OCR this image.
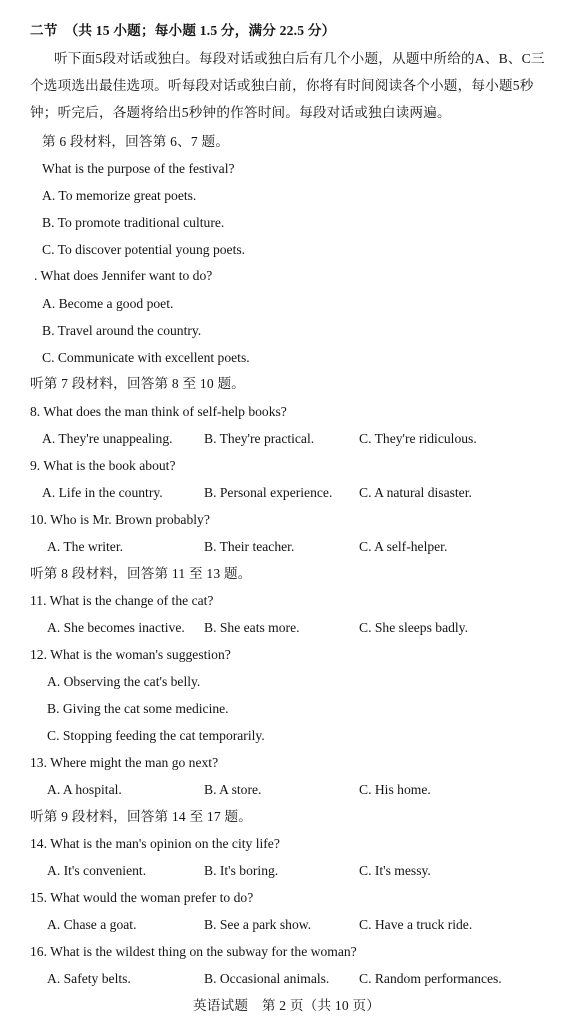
二节　（共 15 小题；每小题 1.5 分，满分 22.5 分）
听下面5段对话或独白。每段对话或独白后有几个小题，从题中所给的A、B、C三个选项选出最佳选项。听每段对话或独白前，你将有时间阅读各个小题，每小题5秒钟；听完后，各题将给出5秒钟的作答时间。每段对话或独白读两遍。
第 6 段材料，回答第 6、7 题。
What is the purpose of the festival?
A. To memorize great poets.
B. To promote traditional culture.
C. To discover potential young poets.
. What does Jennifer want to do?
A. Become a good poet.
B. Travel around the country.
C. Communicate with excellent poets.
听第 7 段材料，回答第 8 至 10 题。
8. What does the man think of self-help books?
A. They're unappealing. B. They're practical.	C. They're ridiculous.
9. What is the book about?
A. Life in the country.	B. Personal experience. C. A natural disaster.
10. Who is Mr. Brown probably?
A. The writer.	B. Their teacher.	C. A self-helper.
听第 8 段材料，回答第 11 至 13 题。
11. What is the change of the cat?
A. She becomes inactive. B. She eats more.	C. She sleeps badly.
12. What is the woman's suggestion?
A. Observing the cat's belly.
B. Giving the cat some medicine.
C. Stopping feeding the cat temporarily.
13. Where might the man go next?
A. A hospital.	B. A store.	C. His home.
听第 9 段材料，回答第 14 至 17 题。
14. What is the man's opinion on the city life?
A. It's convenient.	B. It's boring.	C. It's messy.
15. What would the woman prefer to do?
A. Chase a goat.	B. See a park show.	C. Have a truck ride.
16. What is the wildest thing on the subway for the woman?
A. Safety belts.	B. Occasional animals. C. Random performances.
英语试题　第 2 页（共 10 页）
